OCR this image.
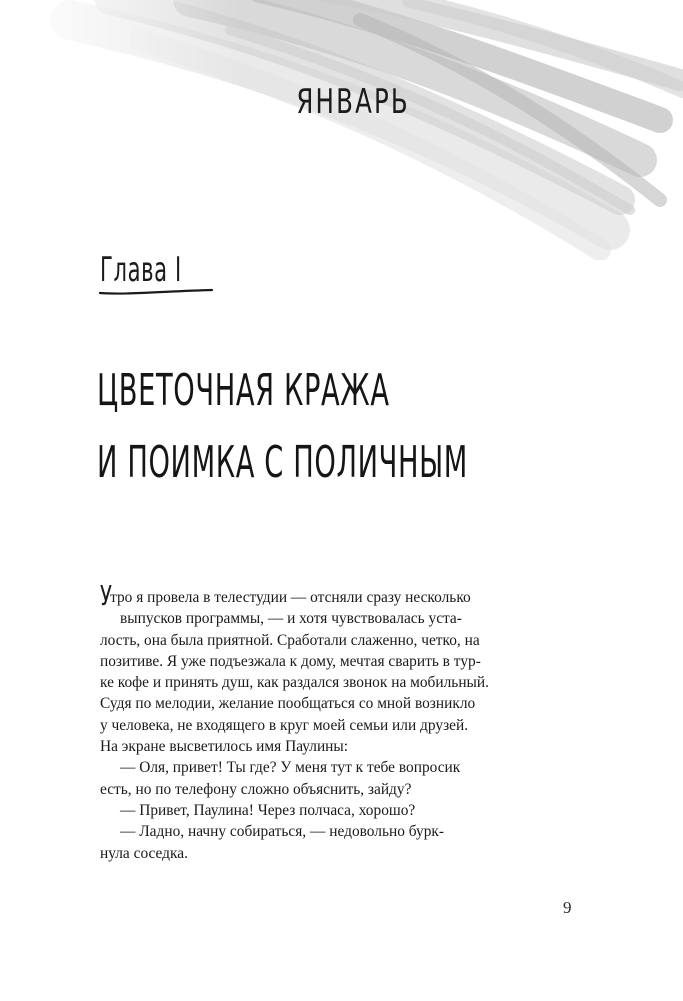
ЯНВАРЬ
Глава I
ЦВЕТОЧНАЯ КРАЖА
И ПОИМКА С ПОЛИЧНЫМ

Утро я провела в телестудии — отсняли сразу несколько

выпусков программы, — и хотя чувствовалась уста-

лость, она была приятной. Сработали слаженно, четко, на

позитиве. Я уже подъезжала к дому, мечтая сварить в тур-

ке кофе и принять душ, как раздался звонок на мобильный.

Судя по мелодии, желание пообщаться со мной возникло

у человека, не входящего в круг моей семьи или друзей.

На экране высветилось имя Паулины:

— Оля, привет! Ты где? У меня тут к тебе вопросик

есть, но по телефону сложно объяснить, зайду?

— Привет, Паулина! Через полчаса, хорошо?

— Ладно, начну собираться, — недовольно бурк-

нула соседка.

9
